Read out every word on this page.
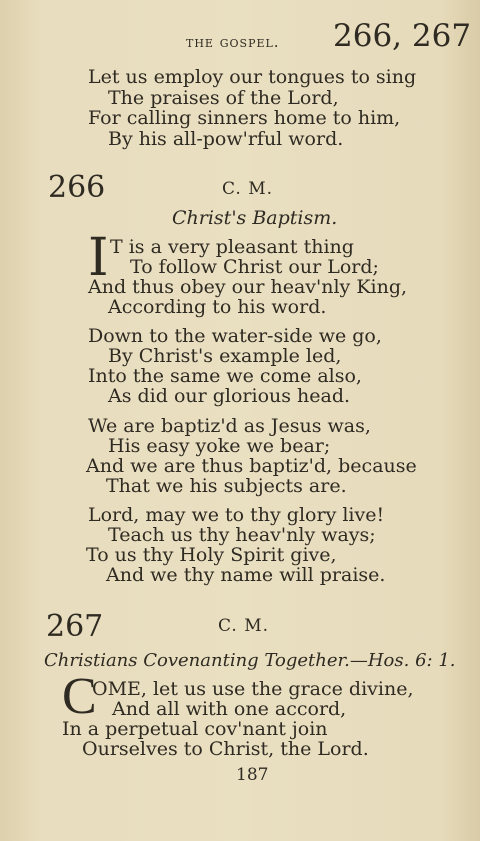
the gospel. 266, 267
Let us employ our tongues to sing
The praises of the Lord,
For calling sinners home to him,
By his all-pow'rful word.
266	C. M.
Christ's Baptism.
I T is a very pleasant thing
To follow Christ our Lord;
And thus obey our heav'nly King,
According to his word.
Down to the water-side we go,
By Christ's example led,
Into the same we come also,
As did our glorious head.
We are baptiz'd as Jesus was,
His easy yoke we bear;
And we are thus baptiz'd, because
That we his subjects are.
Lord, may we to thy glory live!
Teach us thy heav'nly ways;
To us thy Holy Spirit give,
And we thy name will praise.
267	C. M.
Christians Covenanting Together.—Hos. 6: 1.
C
OME, let us use the grace divine,
And all with one accord,
In a perpetual cov'nant join
Ourselves to Christ, the Lord.
187
